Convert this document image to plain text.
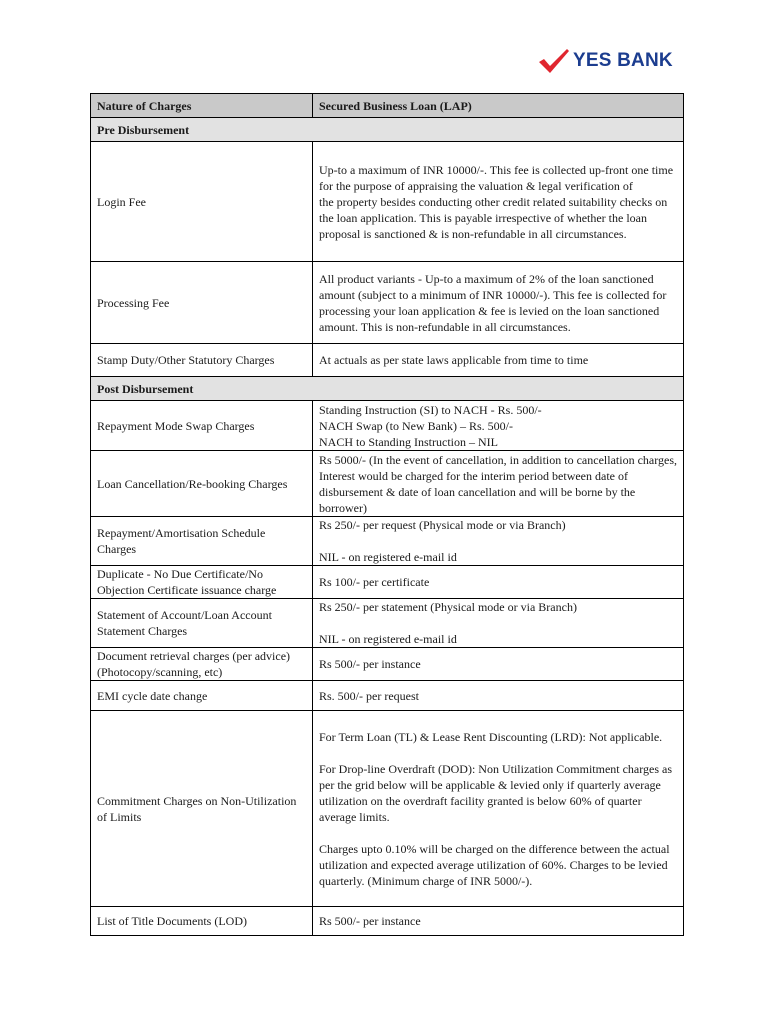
YES BANK
Nature of Charges	Secured Business Loan (LAP)
Pre Disbursement	
Login Fee	Up-to a maximum of INR 10000/-. This fee is collected up-front one time for the purpose of appraising the valuation & legal verification of
the property besides conducting other credit related suitability checks on the loan application. This is payable irrespective of whether the loan proposal is sanctioned & is non-refundable in all circumstances.
Processing Fee	All product variants - Up-to a maximum of 2% of the loan sanctioned amount (subject to a minimum of INR 10000/-). This fee is collected for processing your loan application & fee is levied on the loan sanctioned amount. This is non-refundable in all circumstances.
Stamp Duty/Other Statutory Charges	At actuals as per state laws applicable from time to time
Post Disbursement	
Repayment Mode Swap Charges	Standing Instruction (SI) to NACH - Rs. 500/-
NACH Swap (to New Bank) – Rs. 500/-
NACH to Standing Instruction – NIL
Loan Cancellation/Re-booking Charges	Rs 5000/- (In the event of cancellation, in addition to cancellation charges, Interest would be charged for the interim period between date of disbursement & date of loan cancellation and will be borne by the borrower)
Repayment/Amortisation Schedule Charges	Rs 250/- per request (Physical mode or via Branch)

NIL - on registered e-mail id
Duplicate - No Due Certificate/No Objection Certificate issuance charge	Rs 100/- per certificate
Statement of Account/Loan Account Statement Charges	Rs 250/- per statement (Physical mode or via Branch)

NIL - on registered e-mail id
Document retrieval charges (per advice) (Photocopy/scanning, etc)	Rs 500/- per instance
EMI cycle date change	Rs. 500/- per request
Commitment Charges on Non-Utilization of Limits	For Term Loan (TL) & Lease Rent Discounting (LRD): Not applicable.

For Drop-line Overdraft (DOD): Non Utilization Commitment charges as per the grid below will be applicable & levied only if quarterly average utilization on the overdraft facility granted is below 60% of quarter average limits.

Charges upto 0.10% will be charged on the difference between the actual utilization and expected average utilization of 60%. Charges to be levied quarterly. (Minimum charge of INR 5000/-).
List of Title Documents (LOD)	Rs 500/- per instance
